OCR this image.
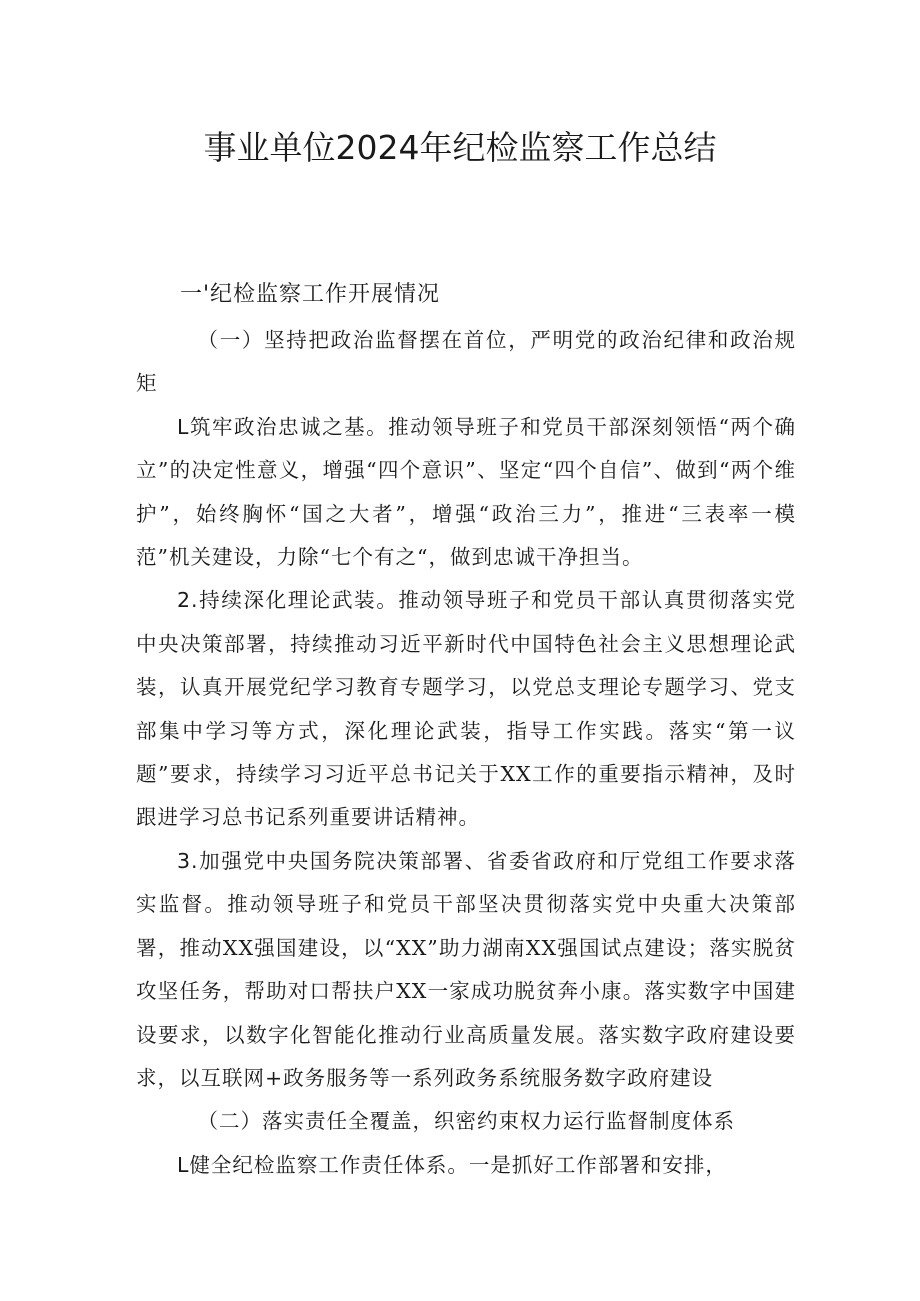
事业单位2024年纪检监察工作总结

一'纪检监察工作开展情况

（一）坚持把政治监督摆在首位，严明党的政治纪律和政治规矩

L筑牢政治忠诚之基。推动领导班子和党员干部深刻领悟“两个确立”的决定性意义，增强“四个意识”、坚定“四个自信”、做到“两个维护”，始终胸怀“国之大者”，增强“政治三力”，推进“三表率一模范”机关建设，力除“七个有之“，做到忠诚干净担当。

2.持续深化理论武装。推动领导班子和党员干部认真贯彻落实党中央决策部署，持续推动习近平新时代中国特色社会主义思想理论武装，认真开展党纪学习教育专题学习，以党总支理论专题学习、党支部集中学习等方式，深化理论武装，指导工作实践。落实“第一议题”要求，持续学习习近平总书记关于XX工作的重要指示精神，及时跟进学习总书记系列重要讲话精神。

3.加强党中央国务院决策部署、省委省政府和厅党组工作要求落实监督。推动领导班子和党员干部坚决贯彻落实党中央重大决策部署，推动XX强国建设，以“XX”助力湖南XX强国试点建设；落实脱贫攻坚任务，帮助对口帮扶户XX一家成功脱贫奔小康。落实数字中国建设要求，以数字化智能化推动行业高质量发展。落实数字政府建设要求，以互联网+政务服务等一系列政务系统服务数字政府建设

（二）落实责任全覆盖，织密约束权力运行监督制度体系

L健全纪检监察工作责任体系。一是抓好工作部署和安排，
